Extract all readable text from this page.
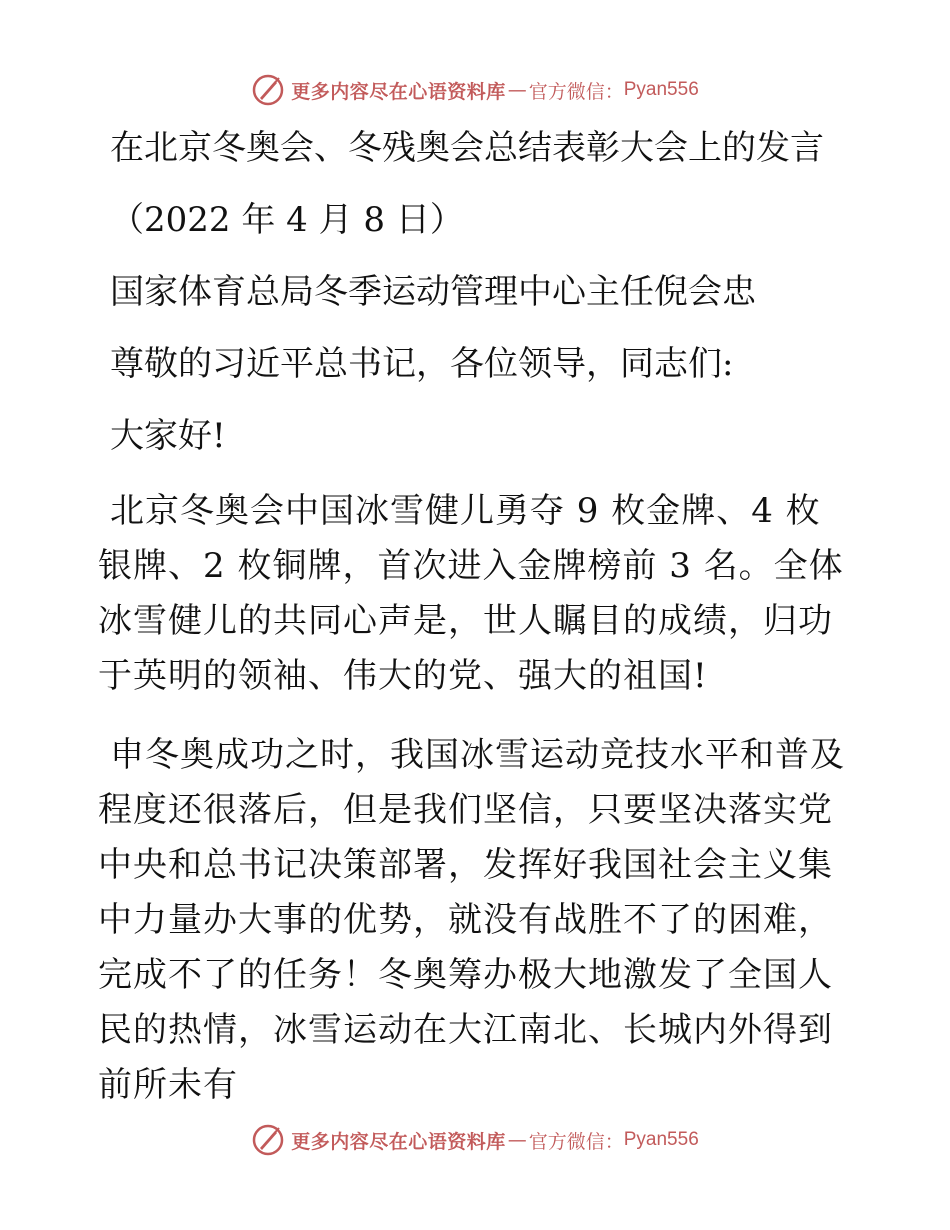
更多内容尽在心语资料库 — 官方微信： Pyan556

在北京冬奥会、冬残奥会总结表彰大会上的发言

（2022 年 4 月 8 日）

国家体育总局冬季运动管理中心主任倪会忠

尊敬的习近平总书记，各位领导，同志们:

大家好!

北京冬奥会中国冰雪健儿勇夺 9 枚金牌、4 枚银牌、2 枚铜牌，首次进入金牌榜前 3 名。全体冰雪健儿的共同心声是，世人瞩目的成绩，归功于英明的领袖、伟大的党、强大的祖国!

申冬奥成功之时，我国冰雪运动竞技水平和普及程度还很落后，但是我们坚信，只要坚决落实党中央和总书记决策部署，发挥好我国社会主义集中力量办大事的优势，就没有战胜不了的困难，完成不了的任务！冬奥筹办极大地激发了全国人民的热情，冰雪运动在大江南北、长城内外得到前所未有

更多内容尽在心语资料库 — 官方微信： Pyan556
